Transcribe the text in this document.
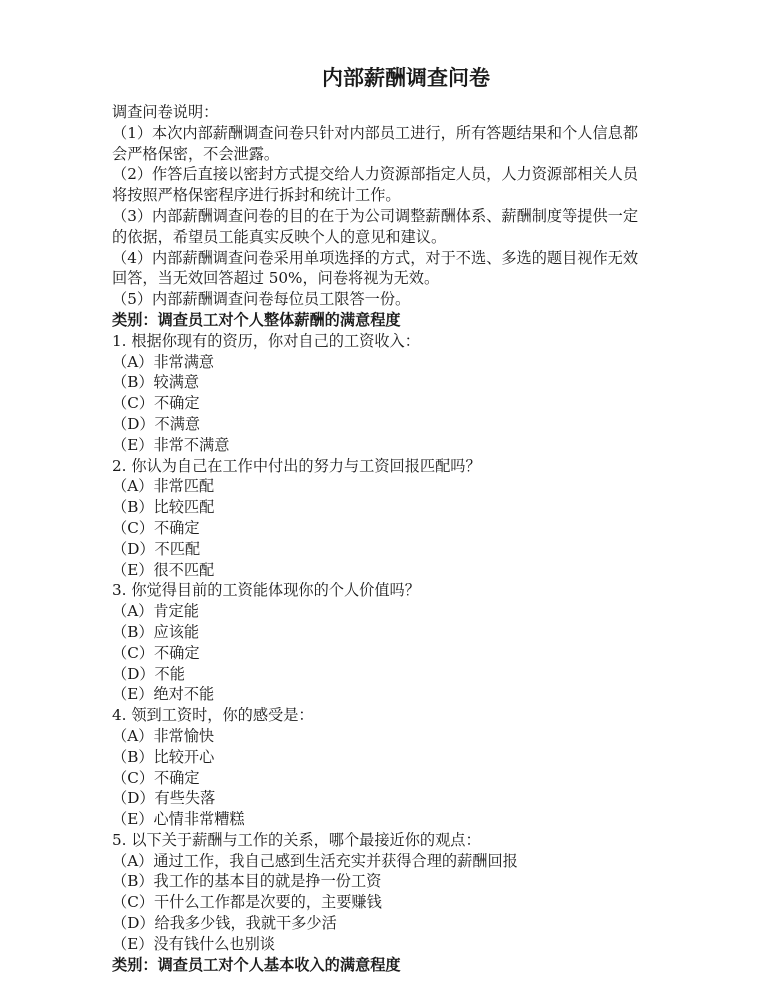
内部薪酬调查问卷
调查问卷说明：
（1）本次内部薪酬调查问卷只针对内部员工进行，所有答题结果和个人信息都
会严格保密，不会泄露。
（2）作答后直接以密封方式提交给人力资源部指定人员，人力资源部相关人员
将按照严格保密程序进行拆封和统计工作。
（3）内部薪酬调查问卷的目的在于为公司调整薪酬体系、薪酬制度等提供一定
的依据，希望员工能真实反映个人的意见和建议。
（4）内部薪酬调查问卷采用单项选择的方式，对于不选、多选的题目视作无效
回答，当无效回答超过 50%，问卷将视为无效。
（5）内部薪酬调查问卷每位员工限答一份。
类别：调查员工对个人整体薪酬的满意程度
1. 根据你现有的资历，你对自己的工资收入：
（A）非常满意
（B）较满意
（C）不确定
（D）不满意
（E）非常不满意
2. 你认为自己在工作中付出的努力与工资回报匹配吗？
（A）非常匹配
（B）比较匹配
（C）不确定
（D）不匹配
（E）很不匹配
3. 你觉得目前的工资能体现你的个人价值吗？
（A）肯定能
（B）应该能
（C）不确定
（D）不能
（E）绝对不能
4. 领到工资时，你的感受是：
（A）非常愉快
（B）比较开心
（C）不确定
（D）有些失落
（E）心情非常糟糕
5. 以下关于薪酬与工作的关系，哪个最接近你的观点：
（A）通过工作，我自己感到生活充实并获得合理的薪酬回报
（B）我工作的基本目的就是挣一份工资
（C）干什么工作都是次要的，主要赚钱
（D）给我多少钱，我就干多少活
（E）没有钱什么也别谈
类别：调查员工对个人基本收入的满意程度
